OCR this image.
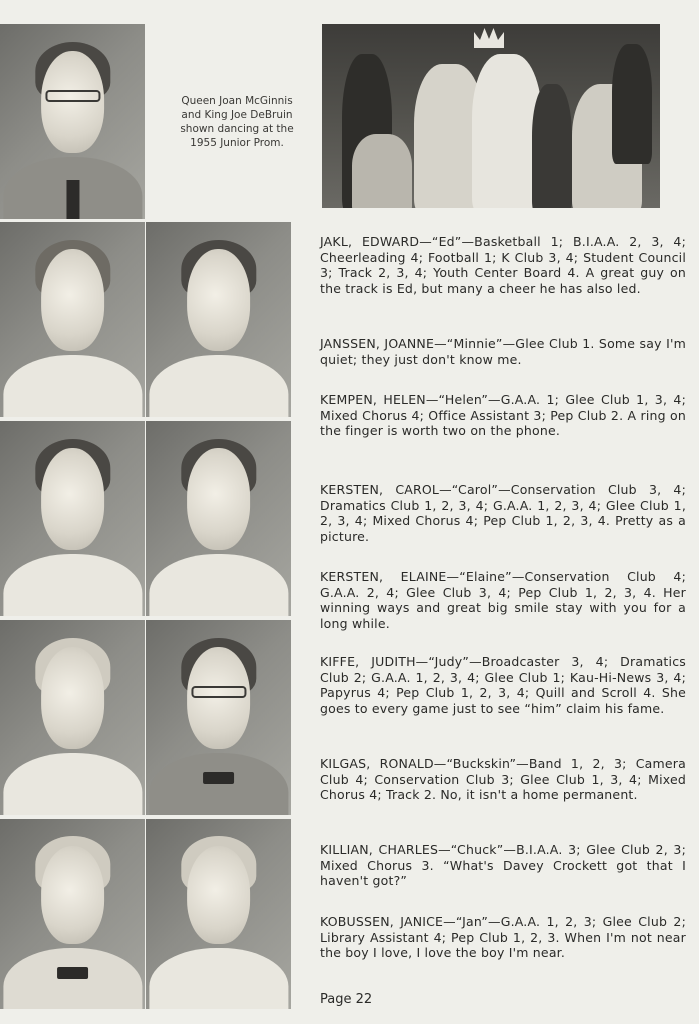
Queen Joan McGinnis and King Joe DeBruin shown dancing at the 1955 Junior Prom.

JAKL, EDWARD—“Ed”—Basketball 1; B.I.A.A. 2, 3, 4; Cheerleading 4; Football 1; K Club 3, 4; Student Council 3; Track 2, 3, 4; Youth Center Board 4. A great guy on the track is Ed, but many a cheer he has also led.

JANSSEN, JOANNE—“Minnie”—Glee Club 1. Some say I'm quiet; they just don't know me.

KEMPEN, HELEN—“Helen”—G.A.A. 1; Glee Club 1, 3, 4; Mixed Chorus 4; Office Assistant 3; Pep Club 2. A ring on the finger is worth two on the phone.

KERSTEN, CAROL—“Carol”—Conservation Club 3, 4; Dramatics Club 1, 2, 3, 4; G.A.A. 1, 2, 3, 4; Glee Club 1, 2, 3, 4; Mixed Chorus 4; Pep Club 1, 2, 3, 4. Pretty as a picture.

KERSTEN, ELAINE—“Elaine”—Conservation Club 4; G.A.A. 2, 4; Glee Club 3, 4; Pep Club 1, 2, 3, 4. Her winning ways and great big smile stay with you for a long while.

KIFFE, JUDITH—“Judy”—Broadcaster 3, 4; Dramatics Club 2; G.A.A. 1, 2, 3, 4; Glee Club 1; Kau-Hi-News 3, 4; Papyrus 4; Pep Club 1, 2, 3, 4; Quill and Scroll 4. She goes to every game just to see “him” claim his fame.

KILGAS, RONALD—“Buckskin”—Band 1, 2, 3; Camera Club 4; Conservation Club 3; Glee Club 1, 3, 4; Mixed Chorus 4; Track 2. No, it isn't a home permanent.

KILLIAN, CHARLES—“Chuck”—B.I.A.A. 3; Glee Club 2, 3; Mixed Chorus 3. “What's Davey Crockett got that I haven't got?”

KOBUSSEN, JANICE—“Jan”—G.A.A. 1, 2, 3; Glee Club 2; Library Assistant 4; Pep Club 1, 2, 3. When I'm not near the boy I love, I love the boy I'm near.

Page 22
